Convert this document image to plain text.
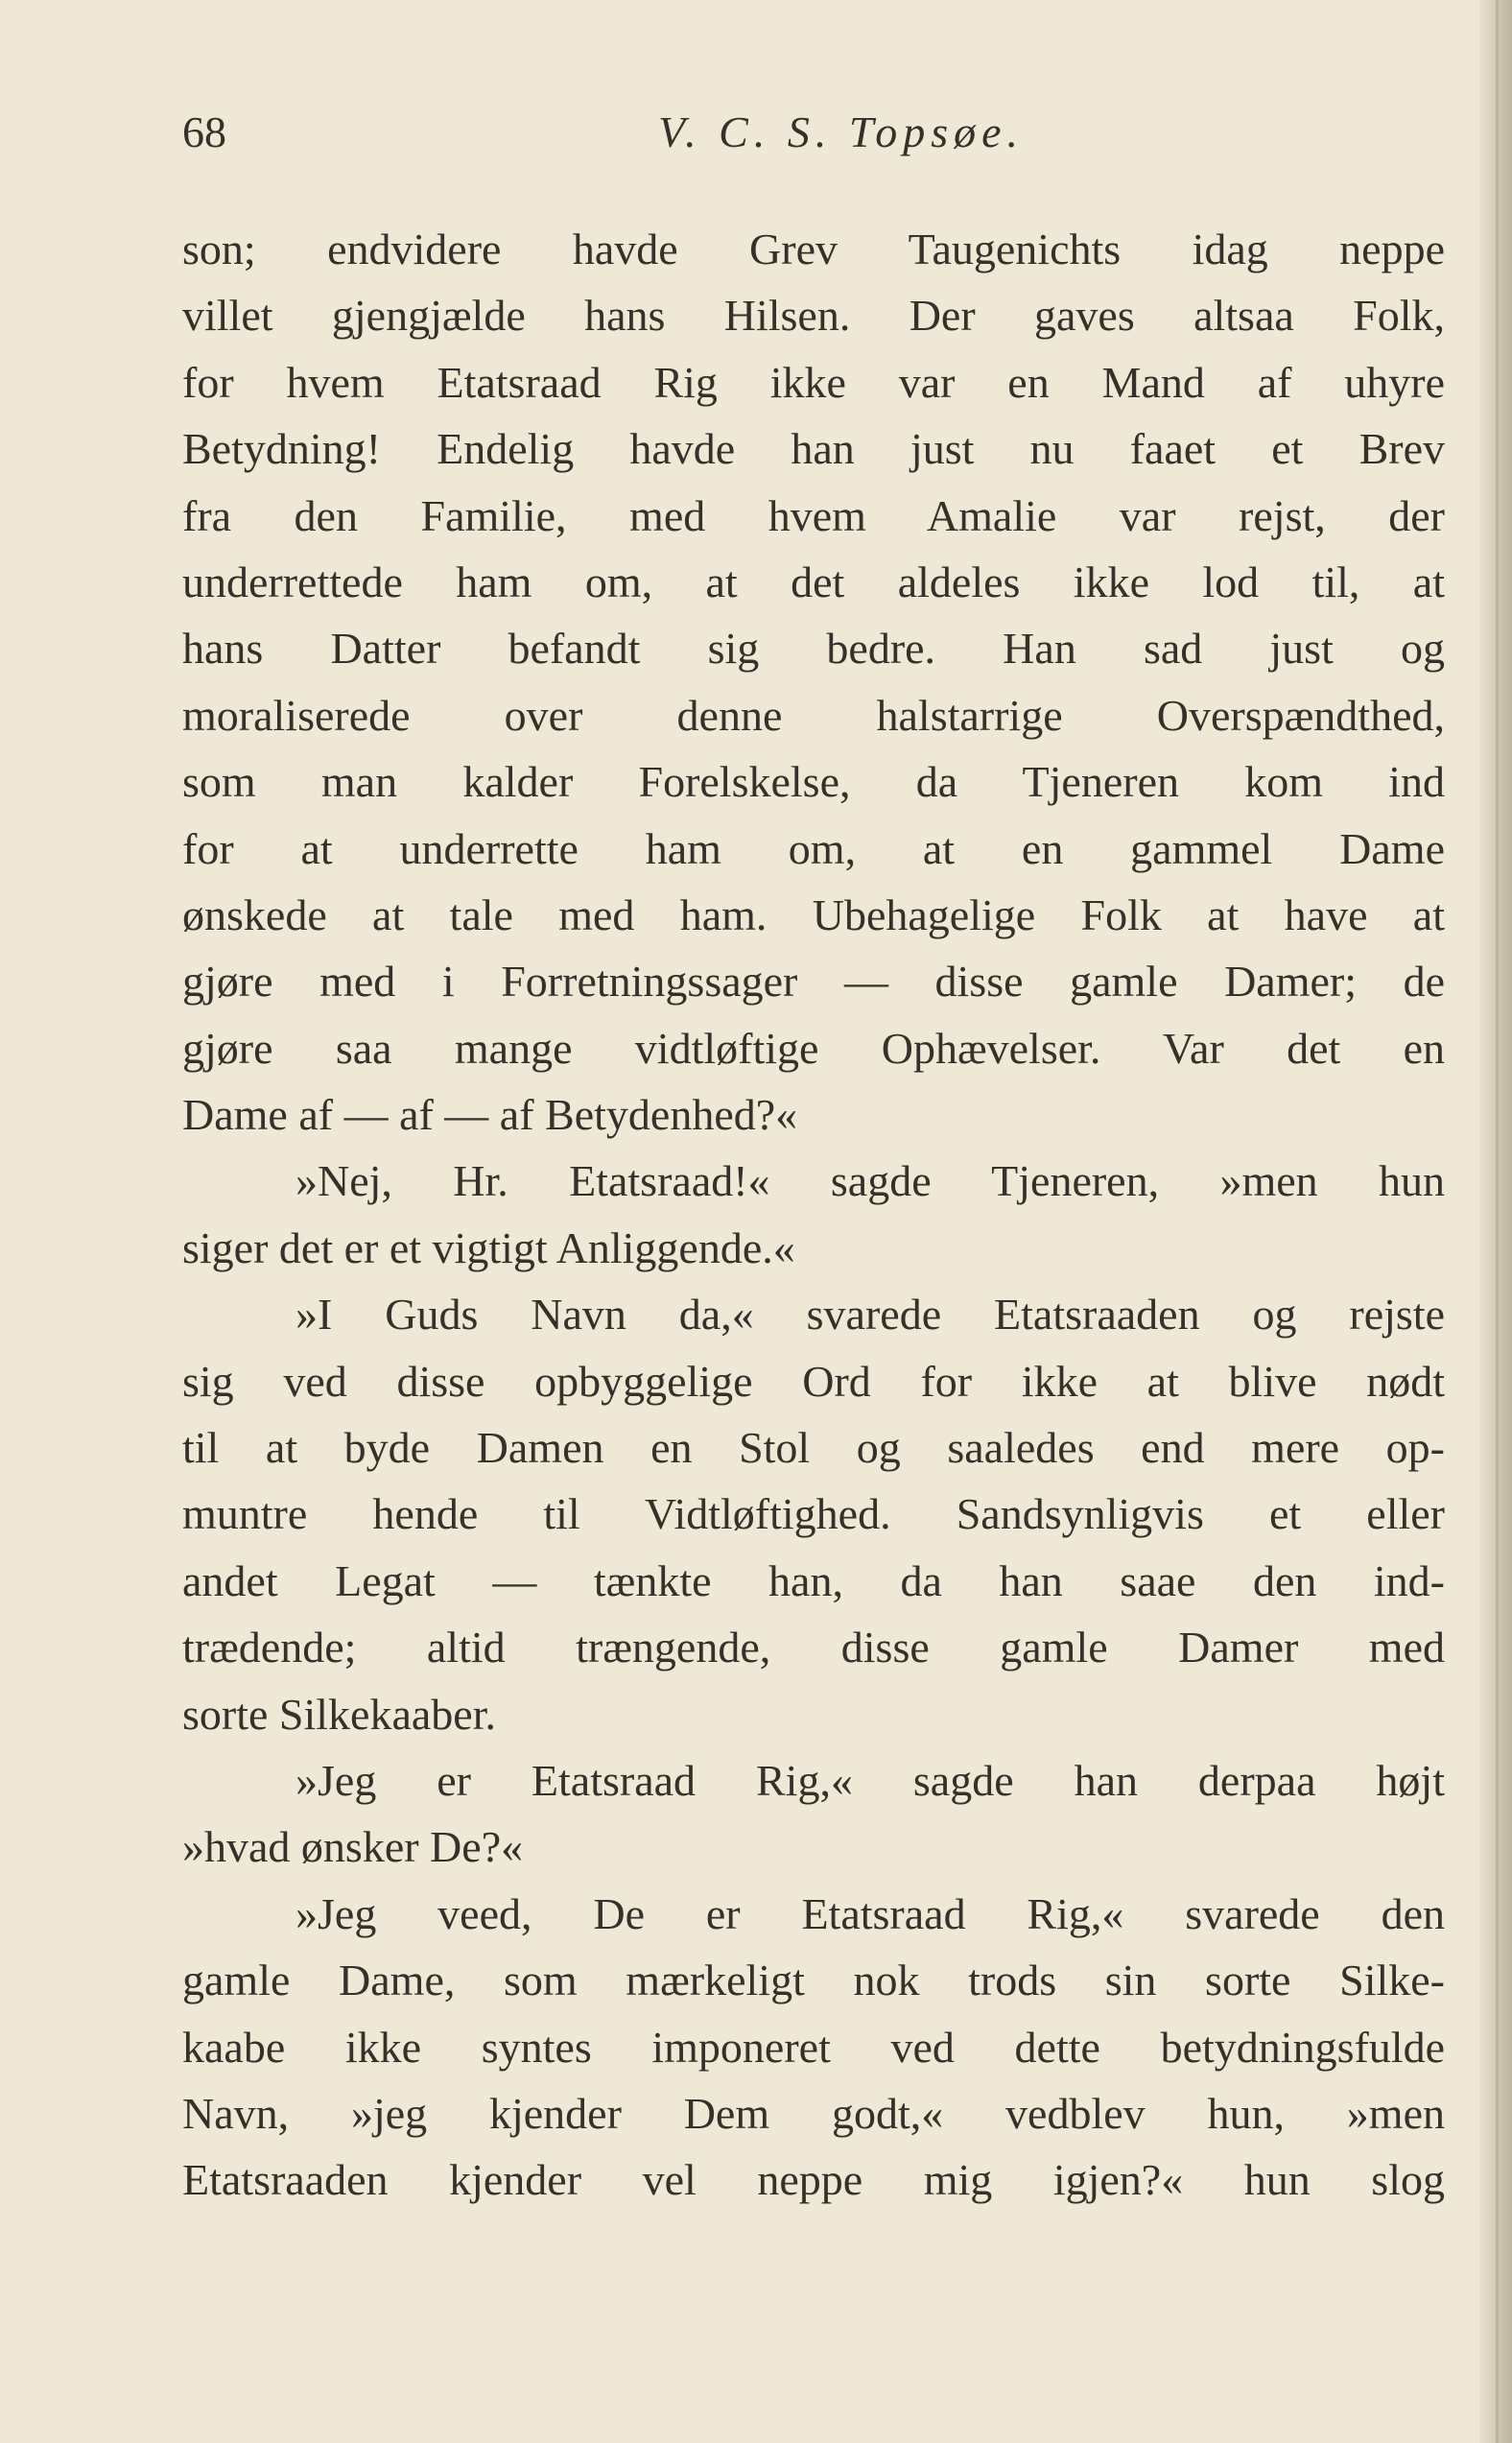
68	V. C. S. Topsøe.
son; endvidere havde Grev Taugenichts idag neppe
villet gjengjælde hans Hilsen. Der gaves altsaa Folk,
for hvem Etatsraad Rig ikke var en Mand af uhyre
Betydning! Endelig havde han just nu faaet et Brev
fra den Familie, med hvem Amalie var rejst, der
underrettede ham om, at det aldeles ikke lod til, at
hans Datter befandt sig bedre. Han sad just og
moraliserede over denne halstarrige Overspændthed,
som man kalder Forelskelse, da Tjeneren kom ind
for at underrette ham om, at en gammel Dame
ønskede at tale med ham. Ubehagelige Folk at have at
gjøre med i Forretningssager — disse gamle Damer; de
gjøre saa mange vidtløftige Ophævelser. Var det en
Dame af — af — af Betydenhed?«
»Nej, Hr. Etatsraad!« sagde Tjeneren, »men hun
siger det er et vigtigt Anliggende.«
»I Guds Navn da,« svarede Etatsraaden og rejste
sig ved disse opbyggelige Ord for ikke at blive nødt
til at byde Damen en Stol og saaledes end mere op-
muntre hende til Vidtløftighed. Sandsynligvis et eller
andet Legat — tænkte han, da han saae den ind-
trædende; altid trængende, disse gamle Damer med
sorte Silkekaaber.
»Jeg er Etatsraad Rig,« sagde han derpaa højt
»hvad ønsker De?«
»Jeg veed, De er Etatsraad Rig,« svarede den
gamle Dame, som mærkeligt nok trods sin sorte Silke-
kaabe ikke syntes imponeret ved dette betydningsfulde
Navn, »jeg kjender Dem godt,« vedblev hun, »men
Etatsraaden kjender vel neppe mig igjen?« hun slog
